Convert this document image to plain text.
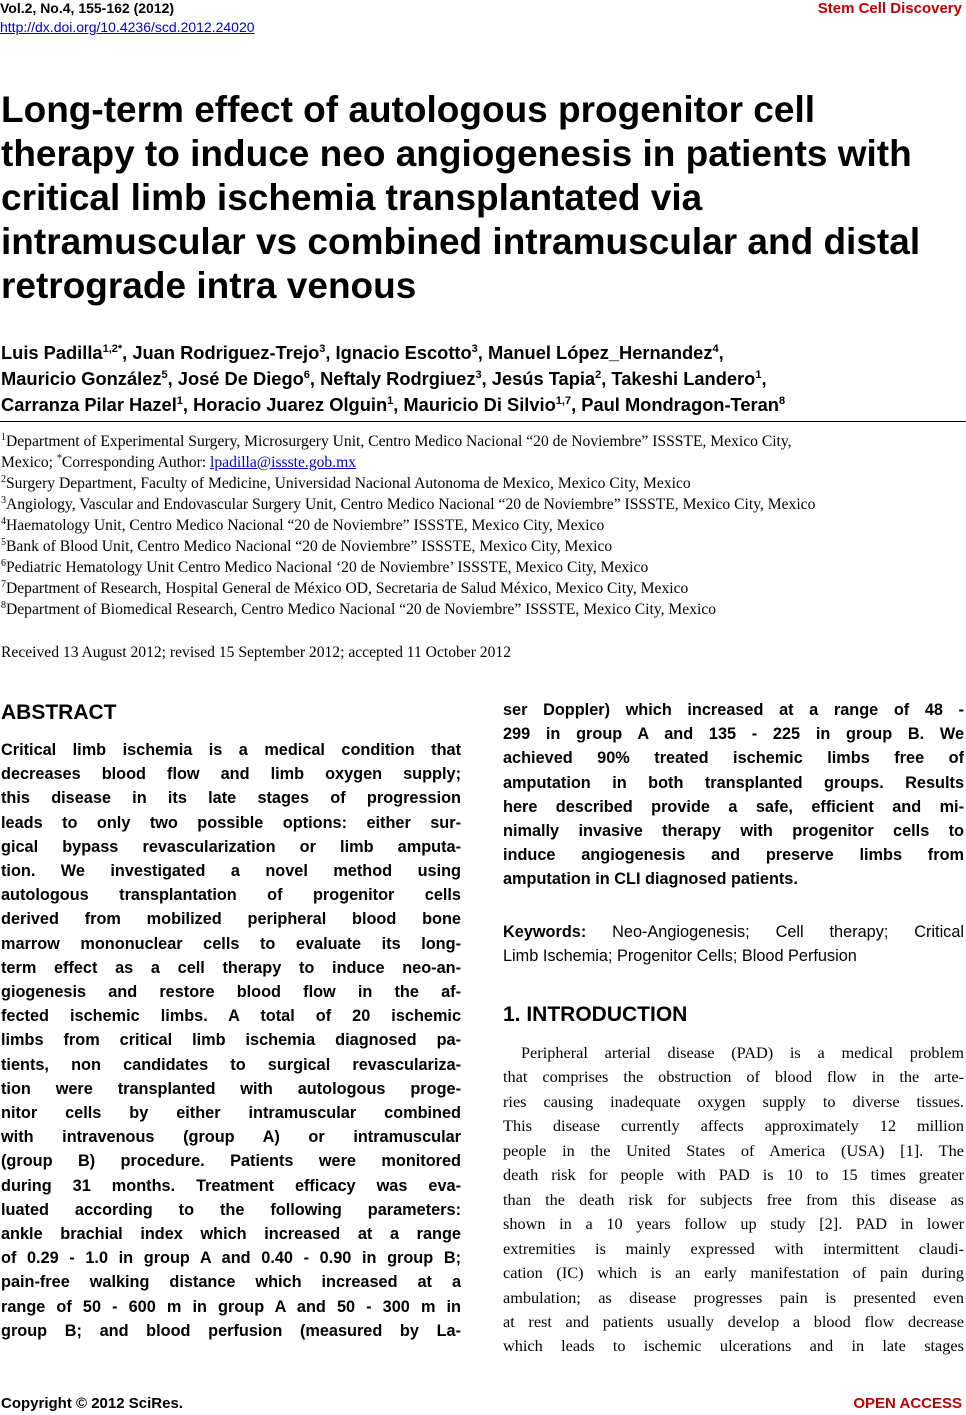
Vol.2, No.4, 155-162 (2012)
http://dx.doi.org/10.4236/scd.2012.24020
Stem Cell Discovery
Long-term effect of autologous progenitor cell
therapy to induce neo angiogenesis in patients with
critical limb ischemia transplantated via
intramuscular vs combined intramuscular and distal
retrograde intra venous
Luis Padilla$^{1,2*}$, Juan Rodriguez-Trejo$^3$, Ignacio Escotto$^3$, Manuel López_Hernandez$^4$,
Mauricio González$^5$, José De Diego$^6$, Neftaly Rodrgiuez$^3$, Jesús Tapia$^2$, Takeshi Landero$^1$,
Carranza Pilar Hazel$^1$, Horacio Juarez Olguin$^1$, Mauricio Di Silvio$^{1,7}$, Paul Mondragon-Teran$^8$
$^1$Department of Experimental Surgery, Microsurgery Unit, Centro Medico Nacional “20 de Noviembre” ISSSTE, Mexico City,
Mexico; *Corresponding Author: lpadilla@issste.gob.mx
$^2$Surgery Department, Faculty of Medicine, Universidad Nacional Autonoma de Mexico, Mexico City, Mexico
$^3$Angiology, Vascular and Endovascular Surgery Unit, Centro Medico Nacional “20 de Noviembre” ISSSTE, Mexico City, Mexico
$^4$Haematology Unit, Centro Medico Nacional “20 de Noviembre” ISSSTE, Mexico City, Mexico
$^5$Bank of Blood Unit, Centro Medico Nacional “20 de Noviembre” ISSSTE, Mexico City, Mexico
$^6$Pediatric Hematology Unit Centro Medico Nacional ‘20 de Noviembre’ ISSSTE, Mexico City, Mexico
$^7$Department of Research, Hospital General de México OD, Secretaria de Salud México, Mexico City, Mexico
$^8$Department of Biomedical Research, Centro Medico Nacional “20 de Noviembre” ISSSTE, Mexico City, Mexico
Received 13 August 2012; revised 15 September 2012; accepted 11 October 2012
ABSTRACT
Critical limb ischemia is a medical condition that
decreases blood flow and limb oxygen supply;
this disease in its late stages of progression
leads to only two possible options: either sur-
gical bypass revascularization or limb amputa-
tion. We investigated a novel method using
autologous transplantation of progenitor cells
derived from mobilized peripheral blood bone
marrow mononuclear cells to evaluate its long-
term effect as a cell therapy to induce neo-an-
giogenesis and restore blood flow in the af-
fected ischemic limbs. A total of 20 ischemic
limbs from critical limb ischemia diagnosed pa-
tients, non candidates to surgical revasculariza-
tion were transplanted with autologous proge-
nitor cells by either intramuscular combined
with intravenous (group A) or intramuscular
(group B) procedure. Patients were monitored
during 31 months. Treatment efficacy was eva-
luated according to the following parameters:
ankle brachial index which increased at a range
of 0.29 - 1.0 in group A and 0.40 - 0.90 in group B;
pain-free walking distance which increased at a
range of 50 - 600 m in group A and 50 - 300 m in
group B; and blood perfusion (measured by La-
ser Doppler) which increased at a range of 48 -
299 in group A and 135 - 225 in group B. We
achieved 90% treated ischemic limbs free of
amputation in both transplanted groups. Results
here described provide a safe, efficient and mi-
nimally invasive therapy with progenitor cells to
induce angiogenesis and preserve limbs from
amputation in CLI diagnosed patients.
Keywords: Neo-Angiogenesis; Cell therapy; Critical
Limb Ischemia; Progenitor Cells; Blood Perfusion
1. INTRODUCTION
Peripheral arterial disease (PAD) is a medical problem
that comprises the obstruction of blood flow in the arte-
ries causing inadequate oxygen supply to diverse tissues.
This disease currently affects approximately 12 million
people in the United States of America (USA) [1]. The
death risk for people with PAD is 10 to 15 times greater
than the death risk for subjects free from this disease as
shown in a 10 years follow up study [2]. PAD in lower
extremities is mainly expressed with intermittent claudi-
cation (IC) which is an early manifestation of pain during
ambulation; as disease progresses pain is presented even
at rest and patients usually develop a blood flow decrease
which leads to ischemic ulcerations and in late stages
Copyright © 2012 SciRes.	OPEN ACCESS
